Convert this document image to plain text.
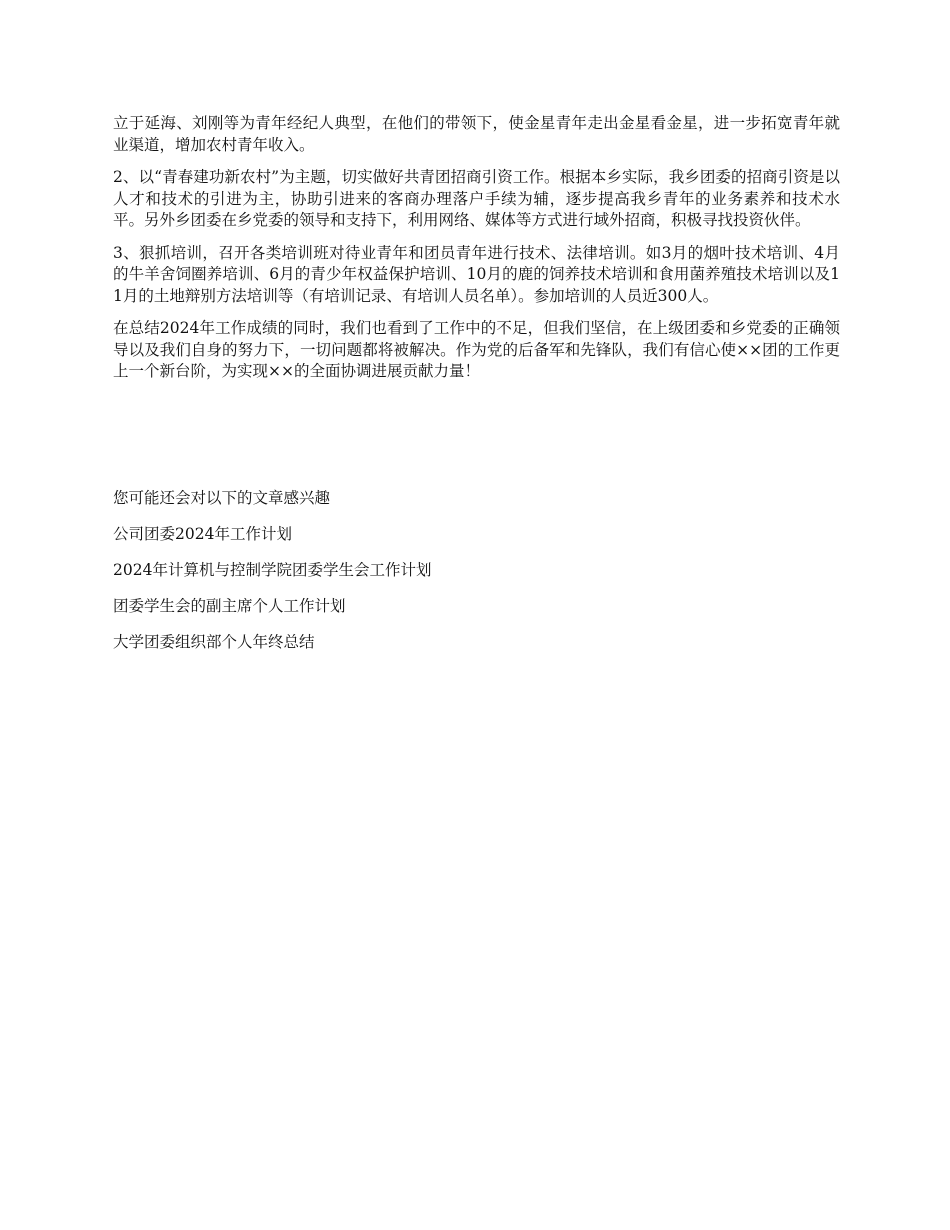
立于延海、刘刚等为青年经纪人典型，在他们的带领下，使金星青年走出金星看金星，进一步拓宽青年就业渠道，增加农村青年收入。

2、以“青春建功新农村”为主题，切实做好共青团招商引资工作。根据本乡实际，我乡团委的招商引资是以人才和技术的引进为主，协助引进来的客商办理落户手续为辅，逐步提高我乡青年的业务素养和技术水平。另外乡团委在乡党委的领导和支持下，利用网络、媒体等方式进行域外招商，积极寻找投资伙伴。

3、狠抓培训，召开各类培训班对待业青年和团员青年进行技术、法律培训。如3月的烟叶技术培训、4月的牛羊舍饲圈养培训、6月的青少年权益保护培训、10月的鹿的饲养技术培训和食用菌养殖技术培训以及11月的土地辩别方法培训等（有培训记录、有培训人员名单）。参加培训的人员近300人。

在总结2024年工作成绩的同时，我们也看到了工作中的不足，但我们坚信，在上级团委和乡党委的正确领导以及我们自身的努力下，一切问题都将被解决。作为党的后备军和先锋队，我们有信心使××团的工作更上一个新台阶，为实现××的全面协调进展贡献力量！

您可能还会对以下的文章感兴趣

公司团委2024年工作计划

2024年计算机与控制学院团委学生会工作计划

团委学生会的副主席个人工作计划

大学团委组织部个人年终总结
